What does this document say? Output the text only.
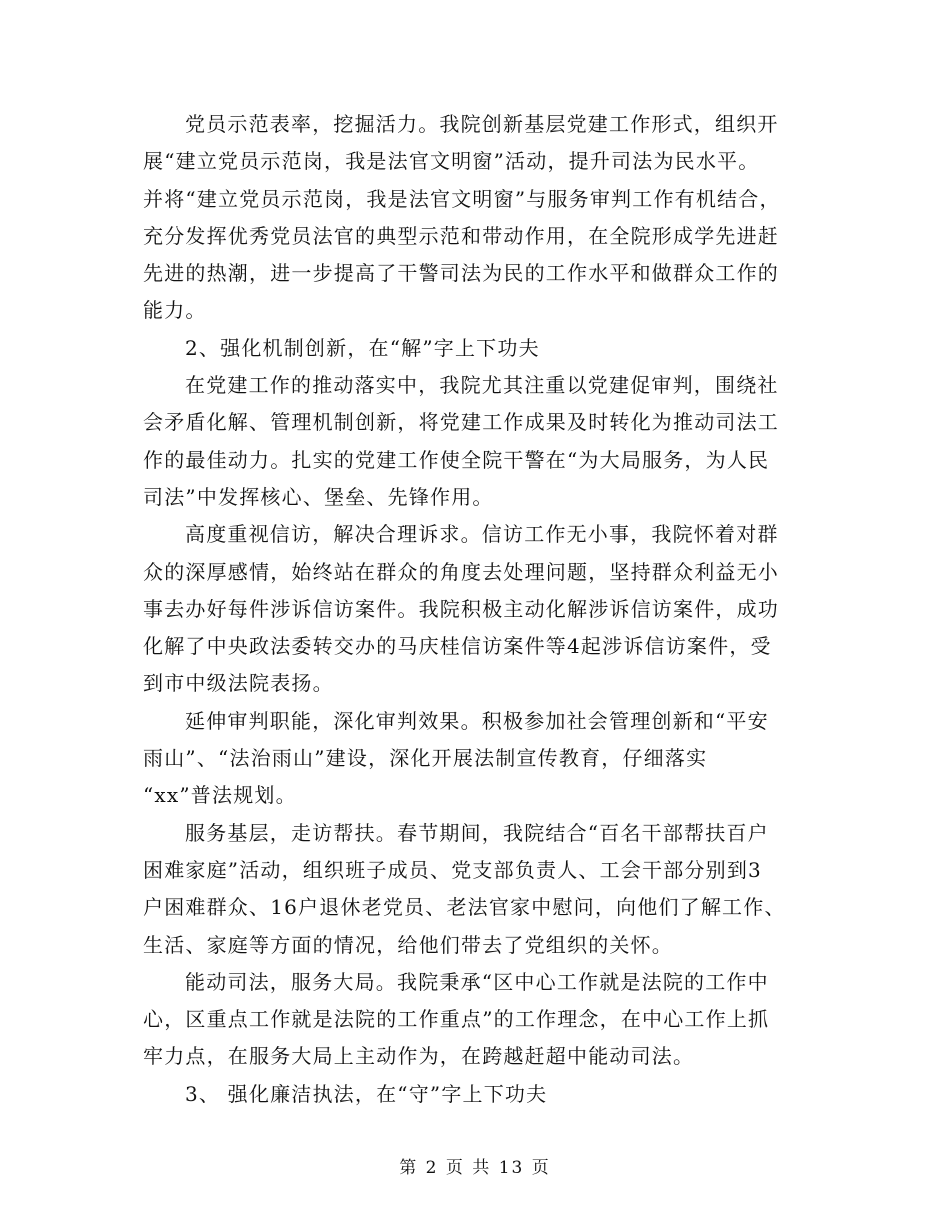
党员示范表率，挖掘活力。我院创新基层党建工作形式，组织开
展“建立党员示范岗，我是法官文明窗”活动，提升司法为民水平。
并将“建立党员示范岗，我是法官文明窗”与服务审判工作有机结合，
充分发挥优秀党员法官的典型示范和带动作用，在全院形成学先进赶
先进的热潮，进一步提高了干警司法为民的工作水平和做群众工作的
能力。

2、强化机制创新，在“解”字上下功夫

在党建工作的推动落实中，我院尤其注重以党建促审判，围绕社
会矛盾化解、管理机制创新，将党建工作成果及时转化为推动司法工
作的最佳动力。扎实的党建工作使全院干警在“为大局服务，为人民
司法”中发挥核心、堡垒、先锋作用。

高度重视信访，解决合理诉求。信访工作无小事，我院怀着对群
众的深厚感情，始终站在群众的角度去处理问题，坚持群众利益无小
事去办好每件涉诉信访案件。我院积极主动化解涉诉信访案件，成功
化解了中央政法委转交办的马庆桂信访案件等4起涉诉信访案件，受
到市中级法院表扬。

延伸审判职能，深化审判效果。积极参加社会管理创新和“平安
雨山”、“法治雨山”建设，深化开展法制宣传教育，仔细落实
“xx”普法规划。

服务基层，走访帮扶。春节期间，我院结合“百名干部帮扶百户
困难家庭”活动，组织班子成员、党支部负责人、工会干部分别到3
户困难群众、16户退休老党员、老法官家中慰问，向他们了解工作、
生活、家庭等方面的情况，给他们带去了党组织的关怀。

能动司法，服务大局。我院秉承“区中心工作就是法院的工作中
心，区重点工作就是法院的工作重点”的工作理念，在中心工作上抓
牢力点，在服务大局上主动作为，在跨越赶超中能动司法。

3、 强化廉洁执法，在“守”字上下功夫

第 2 页 共 13 页
